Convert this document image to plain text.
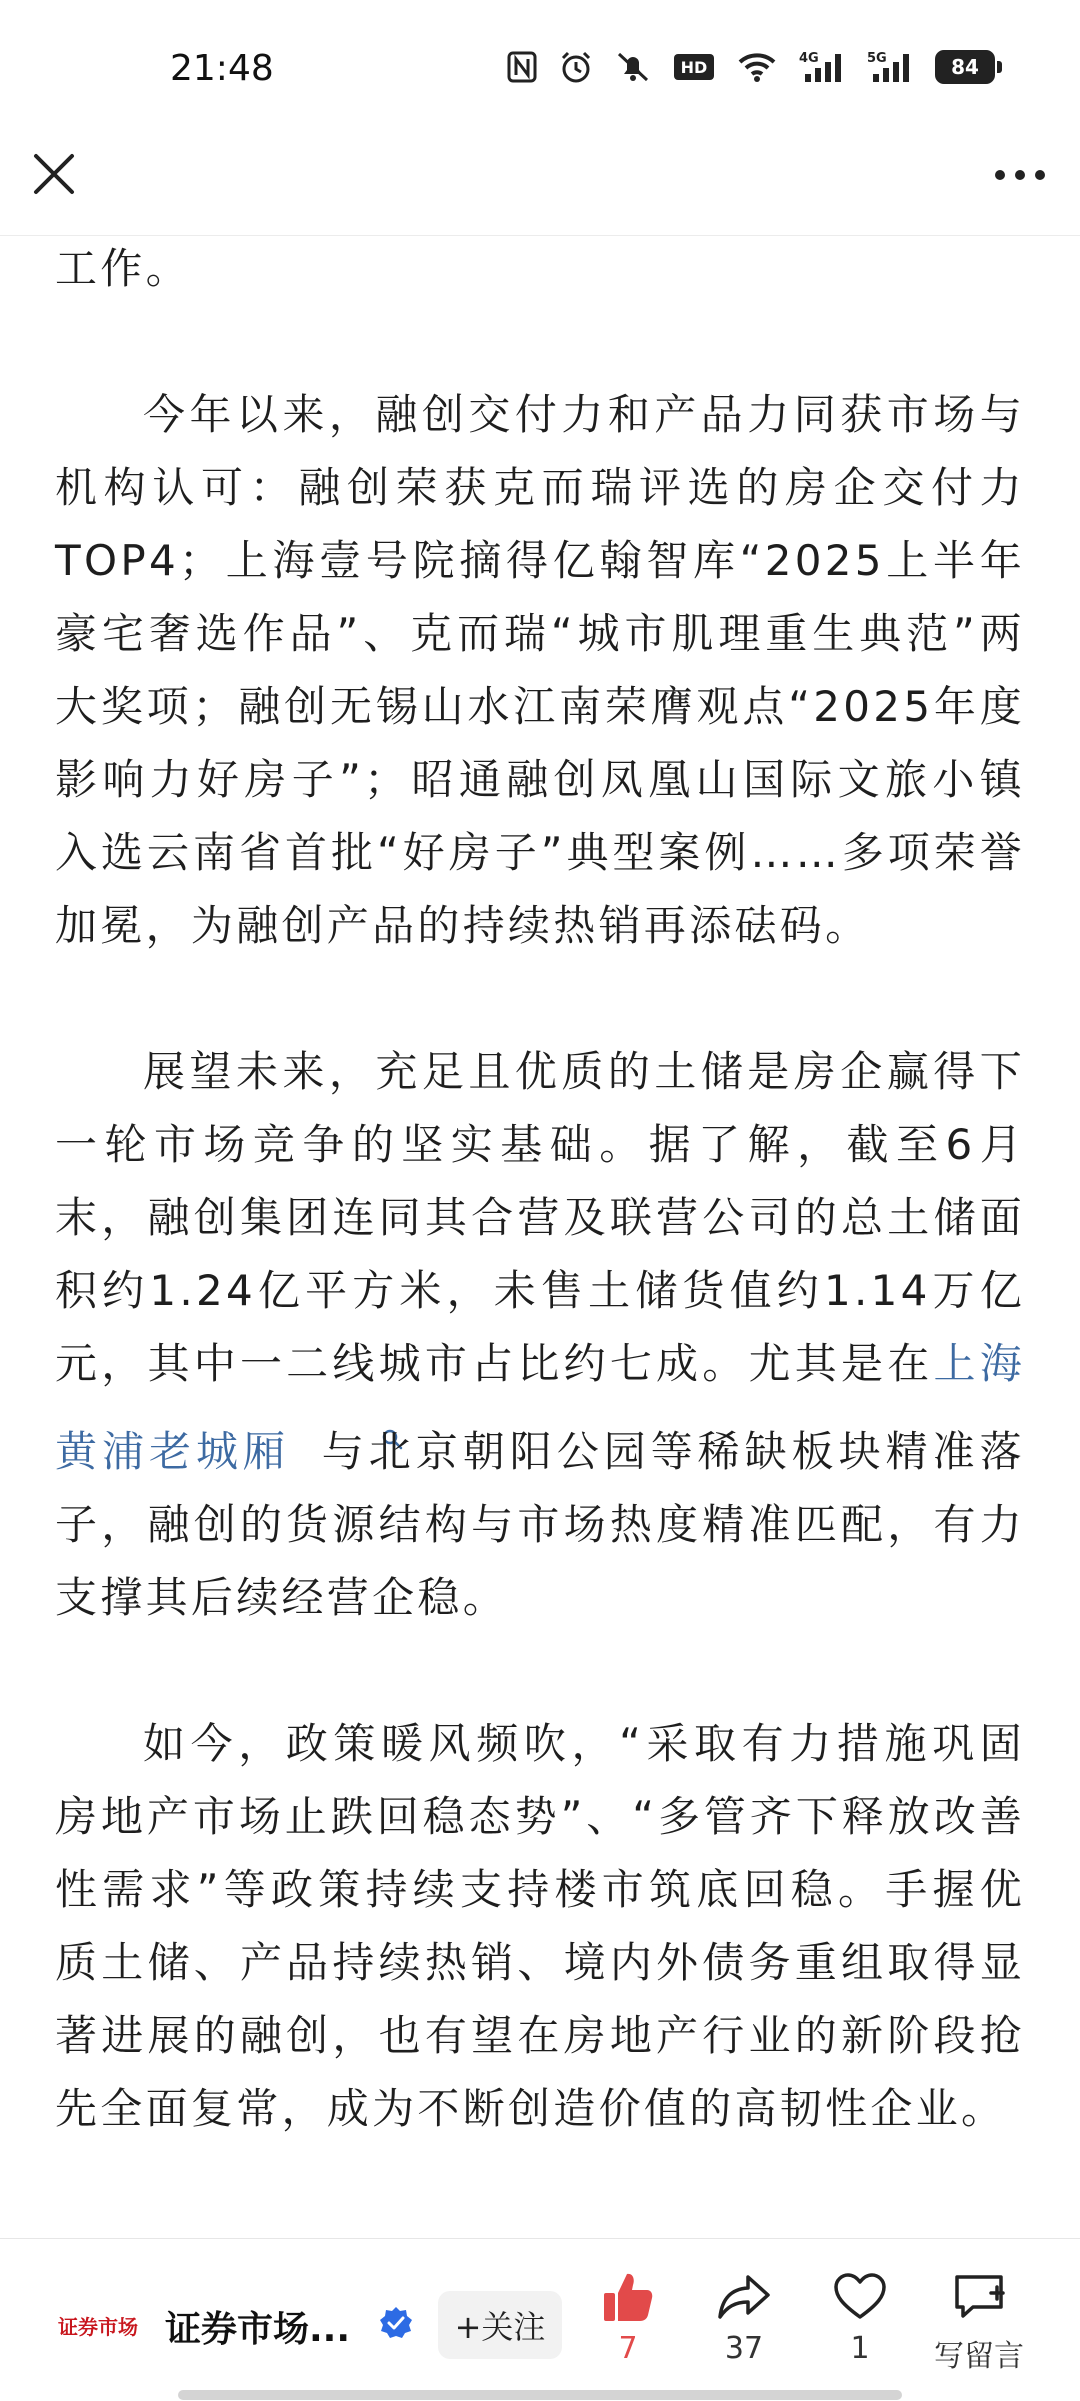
21:48	HD	4G	5G	84

工作。

今年以来，融创交付力和产品力同获市场与机构认可：融创荣获克而瑞评选的房企交付力TOP4；上海壹号院摘得亿翰智库“2025上半年豪宅奢选作品”、克而瑞“城市肌理重生典范”两大奖项；融创无锡山水江南荣膺观点“2025年度影响力好房子”；昭通融创凤凰山国际文旅小镇入选云南省首批“好房子”典型案例……多项荣誉加冕，为融创产品的持续热销再添砝码。

展望未来，充足且优质的土储是房企赢得下一轮市场竞争的坚实基础。据了解，截至6月末，融创集团连同其合营及联营公司的总土储面积约1.24亿平方米，未售土储货值约1.14万亿元，其中一二线城市占比约七成。尤其是在上海黄浦老城厢 与北京朝阳公园等稀缺板块精准落子，融创的货源结构与市场热度精准匹配，有力支撑其后续经营企稳。

如今，政策暖风频吹，“采取有力措施巩固房地产市场止跌回稳态势”、“多管齐下释放改善性需求”等政策持续支持楼市筑底回稳。手握优质土储、产品持续热销、境内外债务重组取得显著进展的融创，也有望在房地产行业的新阶段抢先全面复常，成为不断创造价值的高韧性企业。

证券市场 证券市场...	+关注
7	37	1	写留言
